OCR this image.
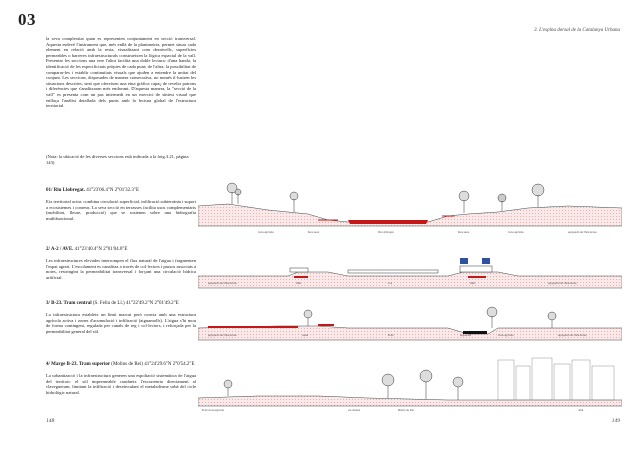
03
3. L'espina dorsal de la Catalunya Urbana

la seva complexitat quan es representen conjuntament en secció transversal. Aquesta esdevé l'instrument que, més enllà de la planimetria, permet situar cada element en relació amb la resta, visualitzant com desnivells, superfícies permeables o barreres infraestructurals construeixen la lògica espacial de la vall. Presentar les seccions una rere l'altra facilita una doble lectura: d'una banda, la identificació de les especificitats pròpies de cada punt; de l'altra, la possibilitat de comparar-les i establir continuïtats visuals que ajuden a entendre la unitat del conjunt. Les seccions, disposades de manera consecutiva, no només il·lustren les situacions descrites, sinó que ofereixen una eina gràfica capaç de revelar patrons i diferències que s'analitzaran més endavant. D'aquesta manera, la "secció de la vall" es presenta com un pas intermedi en un exercici de síntesi visual que enllaça l'anàlisi detallada dels punts amb la lectura global de l'estructura territorial.

(Nota: la ubicació de les diverses seccions està indicada a la fotg.3.21, pàgina 143)

01/ Riu Llobregat. 41°23'06.4"N 2°01'32.3"E

Eix territorial actiu: combina circulació superficial, infiltració subterrània i suport a ecosistemes i conreus. La seva secció en terrasses facilita usos complementaris (mobilitat, lleure, producció) que se sostenen sobre una hidrografia multifuncional.

zona agrícola	llera seca	Riu Llobregat	llera seca	zona agrícola	agrupació de l'Alta Anoia
2/ A-2 / AVE. 41°23'40.4"N 2°01'04.0"E

Les infraestructures elevades interrompen el flux natural de l'aigua i fragmenten l'espai agrari. L'escolament es canalitza a través de col·lectors i passos associats a notes, restringint la permeabilitat transversal i forçant una circulació hídrica artificial.

agrupació de l'Alta Anoia	AVE	A-2	AVE	agrupació de l'Alta Anoia
3/ B-23. Tram central (S. Feliu de Ll.) 41°22'49.2"N 2°01'49.2"E

La infraestructura estableix un límit marcat però convia amb una estructura agrícola activa i zones d'acumulació i infiltració (aiguamolls). L'aigua s'hi mou de forma contingent, regulada per canals de reg i col·lectors, i reforçada per la permeabilitat general del sòl.

agrupació de l'Alta Anoia	canal	B-23	aiguamoll	zona agrícola	agrupació de l'Alta Anoia
4/ Marge B-23. Tram superior (Molins de Rei) 41°24'29.6"N 2°0'54.2"E

La urbanització i la infraestructura generen una espoliació sistemàtica de l'aigua del territori: el sòl impermeable condueix l'escorrentia directament al clavegueram, limitant la infiltració i desvinculant el metabolisme urbà del cicle hidrològic natural.

B-23 zona agrícola	via urbana	Molins de Rei	urbà
148	149
